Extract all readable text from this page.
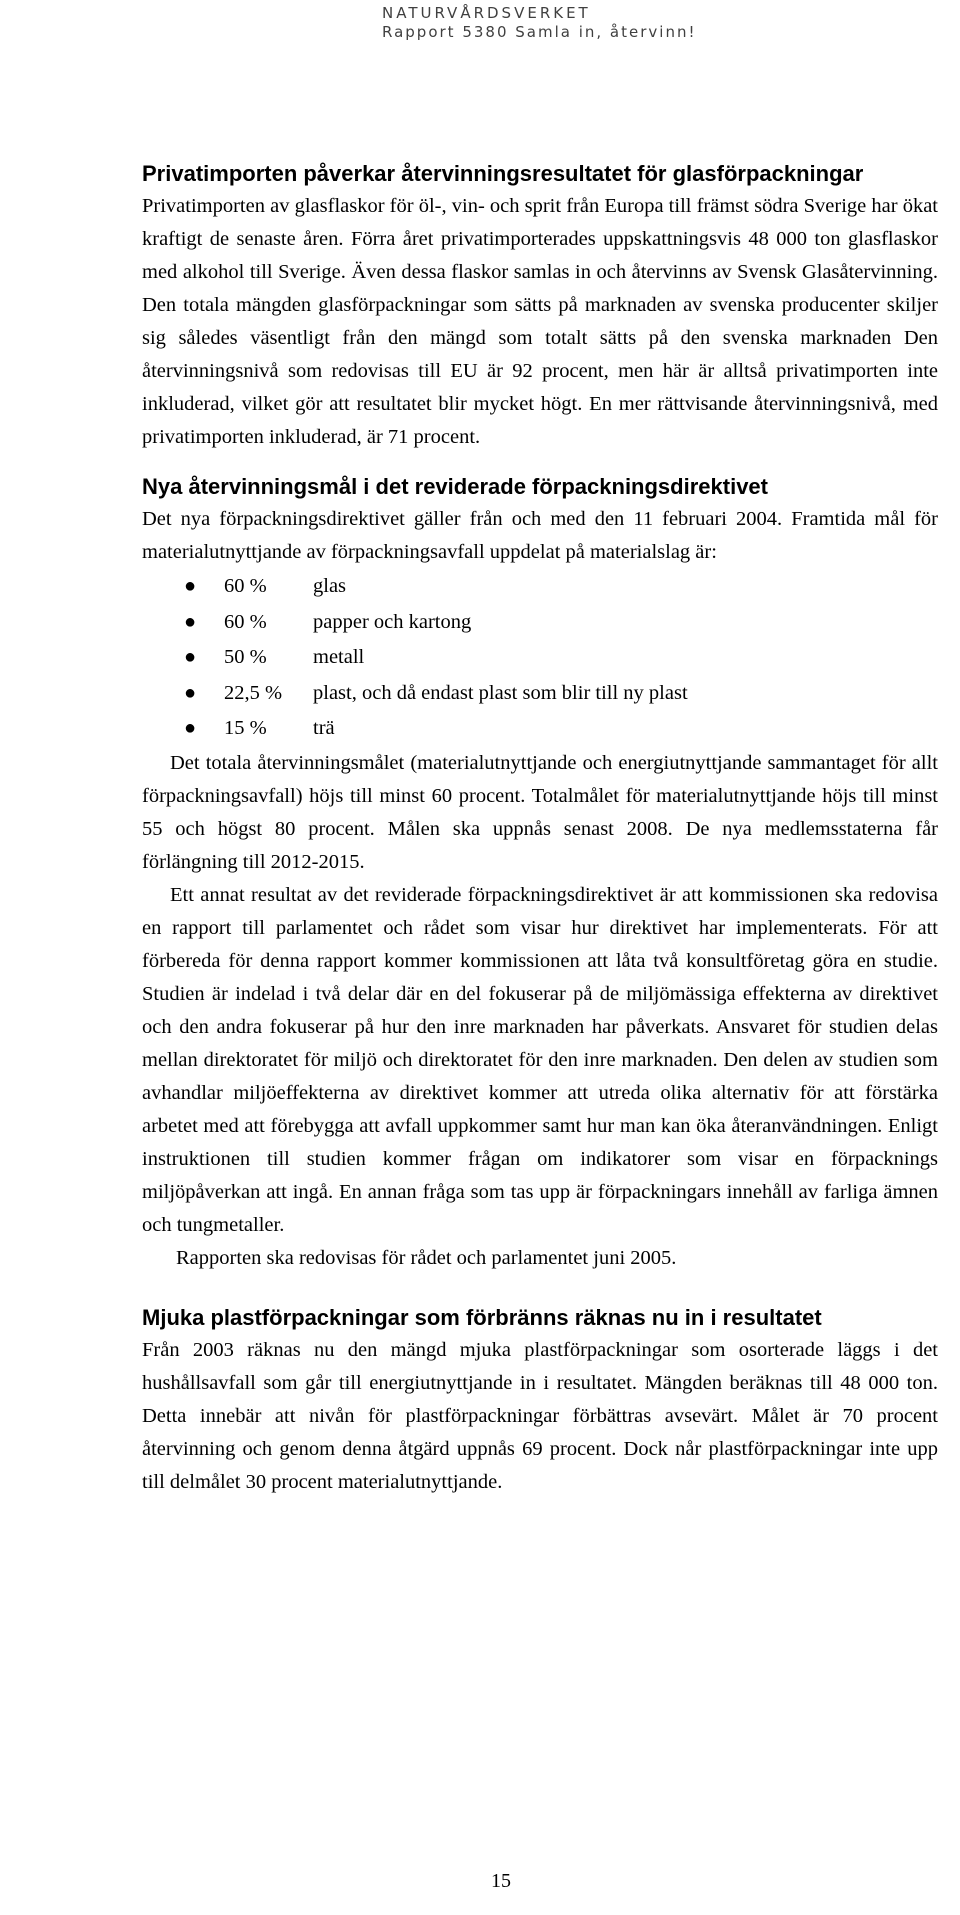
NATURVÅRDSVERKET
Rapport 5380 Samla in, återvinn!
Privatimporten påverkar återvinningsresultatet för glasförpackningar

Privatimporten av glasflaskor för öl-, vin- och sprit från Europa till främst södra Sverige har ökat kraftigt de senaste åren. Förra året privatimporterades uppskattningsvis 48 000 ton glasflaskor med alkohol till Sverige. Även dessa flaskor samlas in och återvinns av Svensk Glasåtervinning. Den totala mängden glasförpackningar som sätts på marknaden av svenska producenter skiljer sig således väsentligt från den mängd som totalt sätts på den svenska marknaden Den återvinningsnivå som redovisas till EU är 92 procent, men här är alltså privatimporten inte inkluderad, vilket gör att resultatet blir mycket högt. En mer rättvisande återvinningsnivå, med privatimporten inkluderad, är 71 procent.

Nya återvinningsmål i det reviderade förpackningsdirektivet

Det nya förpackningsdirektivet gäller från och med den 11 februari 2004. Framtida mål för materialutnyttjande av förpackningsavfall uppdelat på materialslag är:

● 60 % glas
● 60 % papper och kartong
● 50 % metall
● 22,5 % plast, och då endast plast som blir till ny plast
● 15 % trä

Det totala återvinningsmålet (materialutnyttjande och energiutnyttjande sammantaget för allt förpackningsavfall) höjs till minst 60 procent. Totalmålet för materialutnyttjande höjs till minst 55 och högst 80 procent. Målen ska uppnås senast 2008. De nya medlemsstaterna får förlängning till 2012-2015.

Ett annat resultat av det reviderade förpackningsdirektivet är att kommissionen ska redovisa en rapport till parlamentet och rådet som visar hur direktivet har implementerats. För att förbereda för denna rapport kommer kommissionen att låta två konsultföretag göra en studie. Studien är indelad i två delar där en del fokuserar på de miljömässiga effekterna av direktivet och den andra fokuserar på hur den inre marknaden har påverkats. Ansvaret för studien delas mellan direktoratet för miljö och direktoratet för den inre marknaden. Den delen av studien som avhandlar miljöeffekterna av direktivet kommer att utreda olika alternativ för att förstärka arbetet med att förebygga att avfall uppkommer samt hur man kan öka återanvändningen. Enligt instruktionen till studien kommer frågan om indikatorer som visar en förpacknings miljöpåverkan att ingå. En annan fråga som tas upp är förpackningars innehåll av farliga ämnen och tungmetaller.

Rapporten ska redovisas för rådet och parlamentet juni 2005.

Mjuka plastförpackningar som förbränns räknas nu in i resultatet

Från 2003 räknas nu den mängd mjuka plastförpackningar som osorterade läggs i det hushållsavfall som går till energiutnyttjande in i resultatet. Mängden beräknas till 48 000 ton. Detta innebär att nivån för plastförpackningar förbättras avsevärt. Målet är 70 procent återvinning och genom denna åtgärd uppnås 69 procent. Dock når plastförpackningar inte upp till delmålet 30 procent materialutnyttjande.

15
